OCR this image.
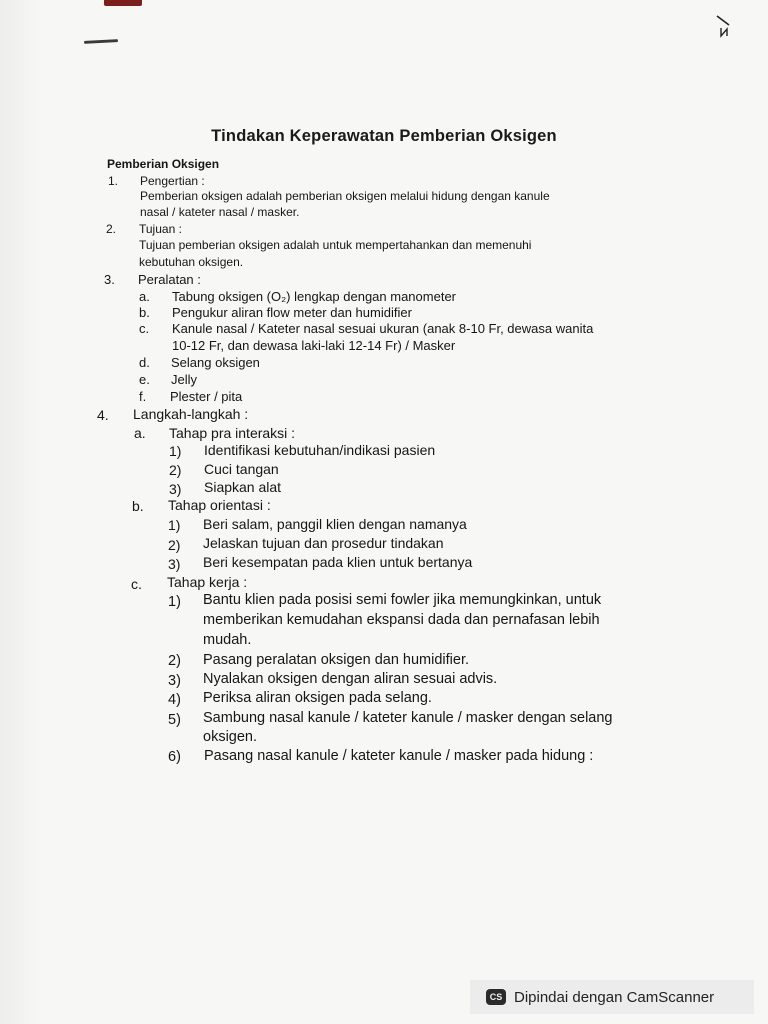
Tindakan Keperawatan Pemberian Oksigen
Pemberian Oksigen
1. Pengertian :
Pemberian oksigen adalah pemberian oksigen melalui hidung dengan kanule
nasal / kateter nasal / masker.
2. Tujuan :
Tujuan pemberian oksigen adalah untuk mempertahankan dan memenuhi
kebutuhan oksigen.
3. Peralatan :
a. Tabung oksigen (O₂) lengkap dengan manometer
b. Pengukur aliran flow meter dan humidifier
c. Kanule nasal / Kateter nasal sesuai ukuran (anak 8-10 Fr, dewasa wanita
10-12 Fr, dan dewasa laki-laki 12-14 Fr) / Masker
d. Selang oksigen
e. Jelly
f. Plester / pita
4. Langkah-langkah :
a. Tahap pra interaksi :
1) Identifikasi kebutuhan/indikasi pasien
2) Cuci tangan
3) Siapkan alat
b. Tahap orientasi :
1) Beri salam, panggil klien dengan namanya
2) Jelaskan tujuan dan prosedur tindakan
3) Beri kesempatan pada klien untuk bertanya
c. Tahap kerja :
1) Bantu klien pada posisi semi fowler jika memungkinkan, untuk
memberikan kemudahan ekspansi dada dan pernafasan lebih
mudah.
2) Pasang peralatan oksigen dan humidifier.
3) Nyalakan oksigen dengan aliran sesuai advis.
4) Periksa aliran oksigen pada selang.
5) Sambung nasal kanule / kateter kanule / masker dengan selang
oksigen.
6) Pasang nasal kanule / kateter kanule / masker pada hidung :
CS Dipindai dengan CamScanner
